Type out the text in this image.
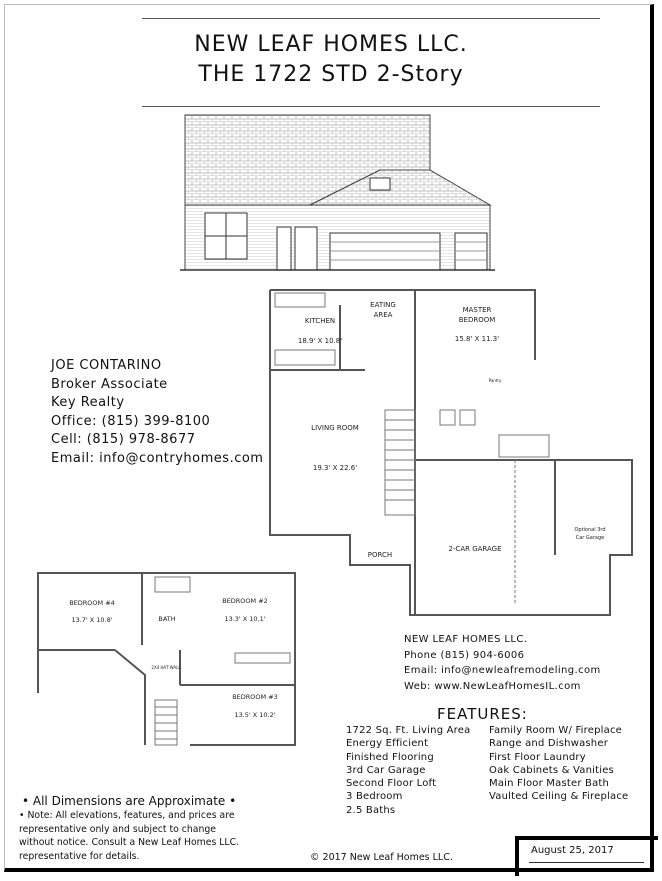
NEW LEAF HOMES LLC.
THE 1722 STD 2-Story
KITCHEN
18.9' X 10.8'
EATING
AREA
MASTER
BEDROOM
15.8' X 11.3'
LIVING ROOM
19.3' X 22.6'
PORCH
2-CAR GARAGE
Optional 3rd
Car Garage
Pantry
BEDROOM #4
13.7' X 10.8'
BEDROOM #2
13.3' X 10.1'
BATH
BEDROOM #3
13.5' X 10.2'
2X4 HAT WALL
JOE CONTARINO
Broker Associate
Key Realty
Office: (815) 399-8100
Cell: (815) 978-8677
Email: info@contryhomes.com
NEW LEAF HOMES LLC.
Phone (815) 904-6006
Email: info@newleafremodeling.com
Web: www.NewLeafHomesIL.com
FEATURES:
1722 Sq. Ft. Living Area
Energy Efficient
Finished Flooring
3rd Car Garage
Second Floor Loft
3 Bedroom
2.5 Baths
Family Room W/ Fireplace
Range and Dishwasher
First Floor Laundry
Oak Cabinets & Vanities
Main Floor Master Bath
Vaulted Ceiling & Fireplace
• All Dimensions are Approximate •
• Note: All elevations, features, and prices are
representative only and subject to change
without notice. Consult a New Leaf Homes LLC.
representative for details.	© 2017 New Leaf Homes LLC.
August 25, 2017
